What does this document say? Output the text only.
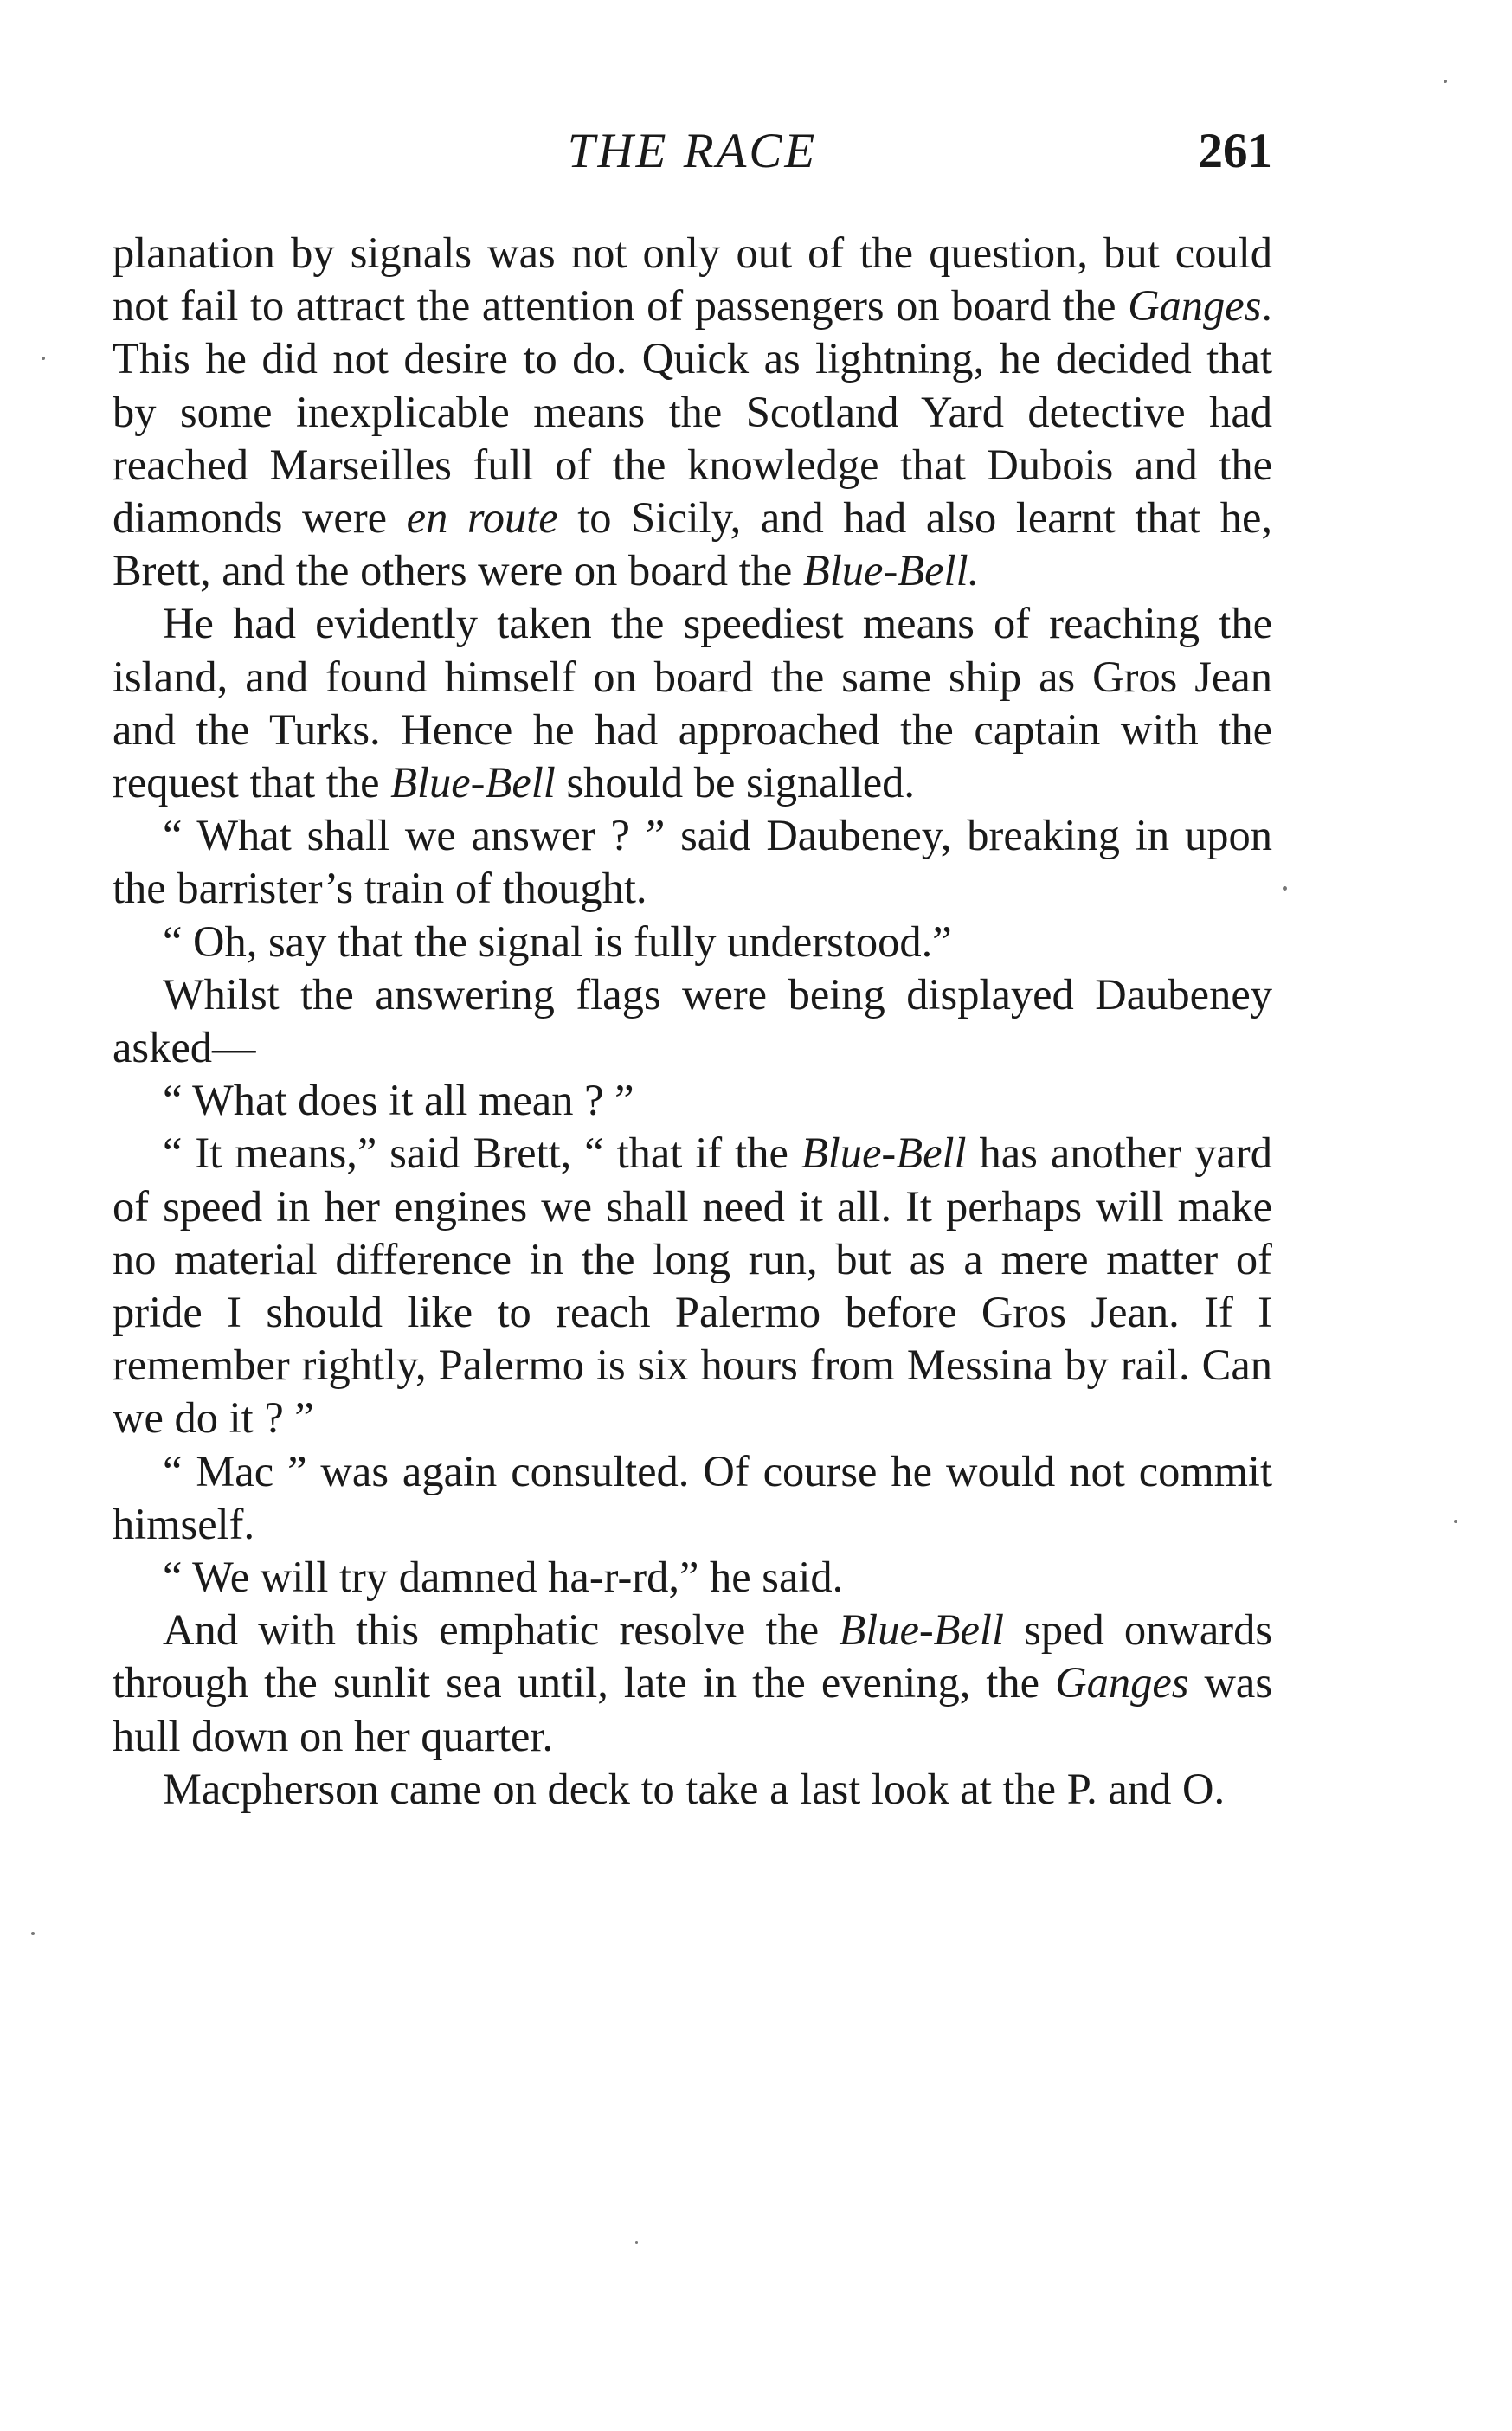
THE RACE	261

planation by signals was not only out of the question, but could not fail to attract the attention of passengers on board the Ganges. This he did not desire to do. Quick as lightning, he decided that by some inexplicable means the Scotland Yard detective had reached Marseilles full of the knowledge that Dubois and the diamonds were en route to Sicily, and had also learnt that he, Brett, and the others were on board the Blue-Bell.

He had evidently taken the speediest means of reaching the island, and found himself on board the same ship as Gros Jean and the Turks. Hence he had approached the captain with the request that the Blue-Bell should be signalled.

“ What shall we answer ? ” said Daubeney, breaking in upon the barrister’s train of thought.

“ Oh, say that the signal is fully understood.”

Whilst the answering flags were being displayed Daubeney asked—

“ What does it all mean ? ”

“ It means,” said Brett, “ that if the Blue-Bell has another yard of speed in her engines we shall need it all. It perhaps will make no material difference in the long run, but as a mere matter of pride I should like to reach Palermo before Gros Jean. If I remember rightly, Palermo is six hours from Messina by rail. Can we do it ? ”

“ Mac ” was again consulted. Of course he would not commit himself.

“ We will try damned ha-r-rd,” he said.

And with this emphatic resolve the Blue-Bell sped onwards through the sunlit sea until, late in the evening, the Ganges was hull down on her quarter.

Macpherson came on deck to take a last look at the P. and O.
